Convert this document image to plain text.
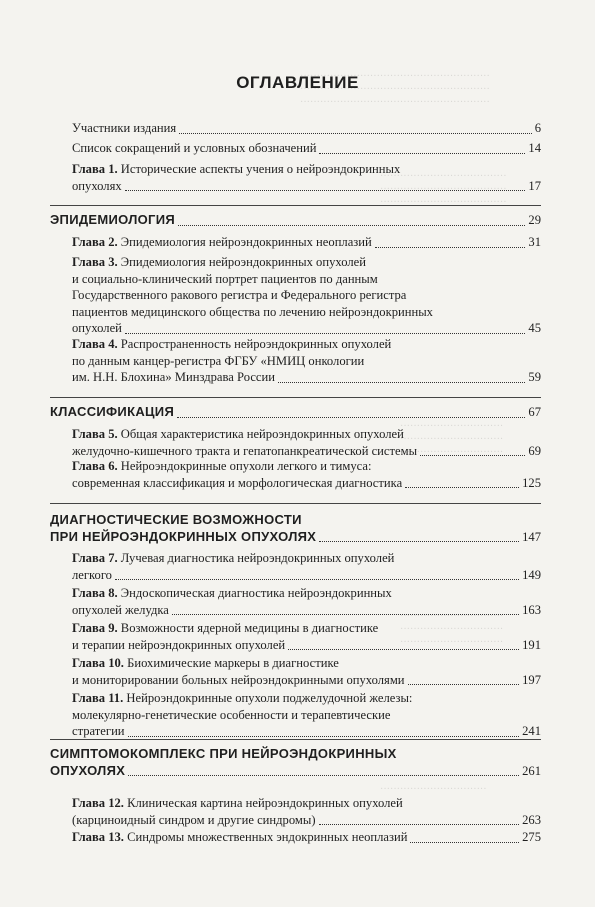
·························································
·························································
·························································
······································
······································
······································
·······························
·······························
·······························
·······························
·······························
·······························
································
································
ОГЛАВЛЕНИЕ
Участники издания	6
Список сокращений и условных обозначений	14
Глава 1. Исторические аспекты учения о нейроэндокринных
опухолях	17
ЭПИДЕМИОЛОГИЯ	29
Глава 2. Эпидемиология нейроэндокринных неоплазий	31
Глава 3. Эпидемиология нейроэндокринных опухолей
и социально-клинический портрет пациентов по данным
Государственного ракового регистра и Федерального регистра
пациентов медицинского общества по лечению нейроэндокринных
опухолей	45
Глава 4. Распространенность нейроэндокринных опухолей
по данным канцер-регистра ФГБУ «НМИЦ онкологии
им. Н.Н. Блохина» Минздрава России	59
КЛАССИФИКАЦИЯ	67
Глава 5. Общая характеристика нейроэндокринных опухолей
желудочно-кишечного тракта и гепатопанкреатической системы	69
Глава 6. Нейроэндокринные опухоли легкого и тимуса:
современная классификация и морфологическая диагностика	125
ДИАГНОСТИЧЕСКИЕ ВОЗМОЖНОСТИ
ПРИ НЕЙРОЭНДОКРИННЫХ ОПУХОЛЯХ	147
Глава 7. Лучевая диагностика нейроэндокринных опухолей
легкого	149
Глава 8. Эндоскопическая диагностика нейроэндокринных
опухолей желудка	163
Глава 9. Возможности ядерной медицины в диагностике
и терапии нейроэндокринных опухолей	191
Глава 10. Биохимические маркеры в диагностике
и мониторировании больных нейроэндокринными опухолями	197
Глава 11. Нейроэндокринные опухоли поджелудочной железы:
молекулярно-генетические особенности и терапевтические
стратегии	241
СИМПТОМОКОМПЛЕКС ПРИ НЕЙРОЭНДОКРИННЫХ
ОПУХОЛЯХ	261
Глава 12. Клиническая картина нейроэндокринных опухолей
(карциноидный синдром и другие синдромы)	263
Глава 13. Синдромы множественных эндокринных неоплазий	275
